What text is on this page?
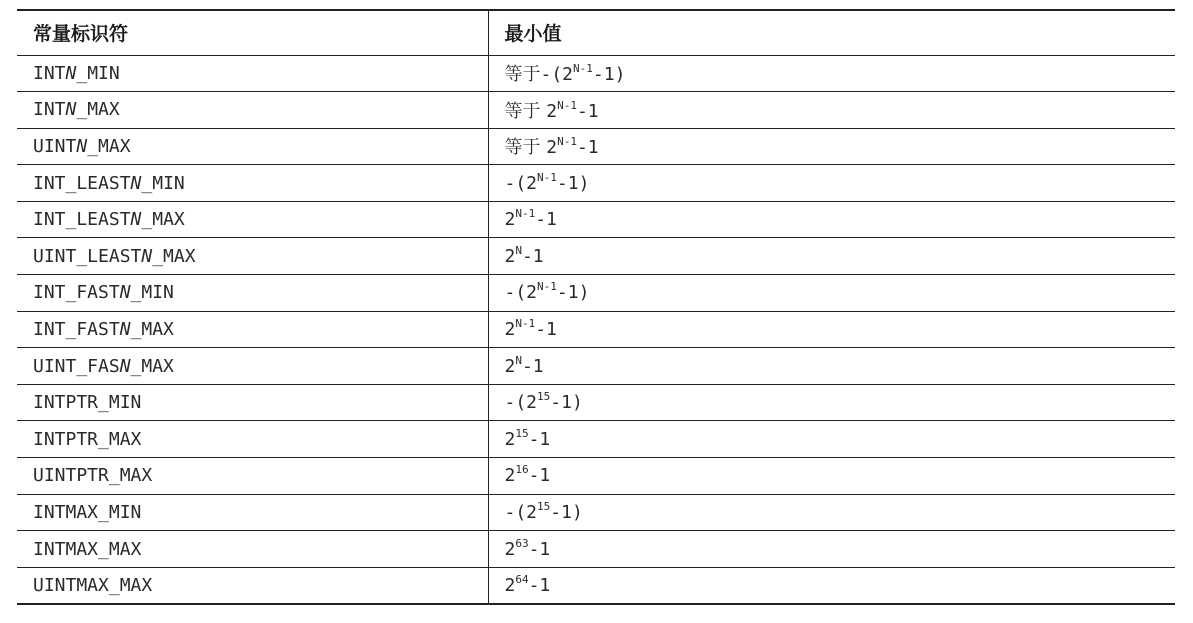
常量标识符	最小值
INTN_MIN	等于$-(2^{N-1}-1)$
INTN_MAX	等于 $2^{N-1}-1$
UINTN_MAX	等于 $2^{N-1}-1$
INT_LEASTN_MIN	$-(2^{N-1}-1)$
INT_LEASTN_MAX	$2^{N-1}-1$
UINT_LEASTN_MAX	$2^N-1$
INT_FASTN_MIN	$-(2^{N-1}-1)$
INT_FASTN_MAX	$2^{N-1}-1$
UINT_FASN_MAX	$2^N-1$
INTPTR_MIN	$-(2^{15}-1)$
INTPTR_MAX	$2^{15}-1$
UINTPTR_MAX	$2^{16}-1$
INTMAX_MIN	$-(2^{15}-1)$
INTMAX_MAX	$2^{63}-1$
UINTMAX_MAX	$2^{64}-1$
